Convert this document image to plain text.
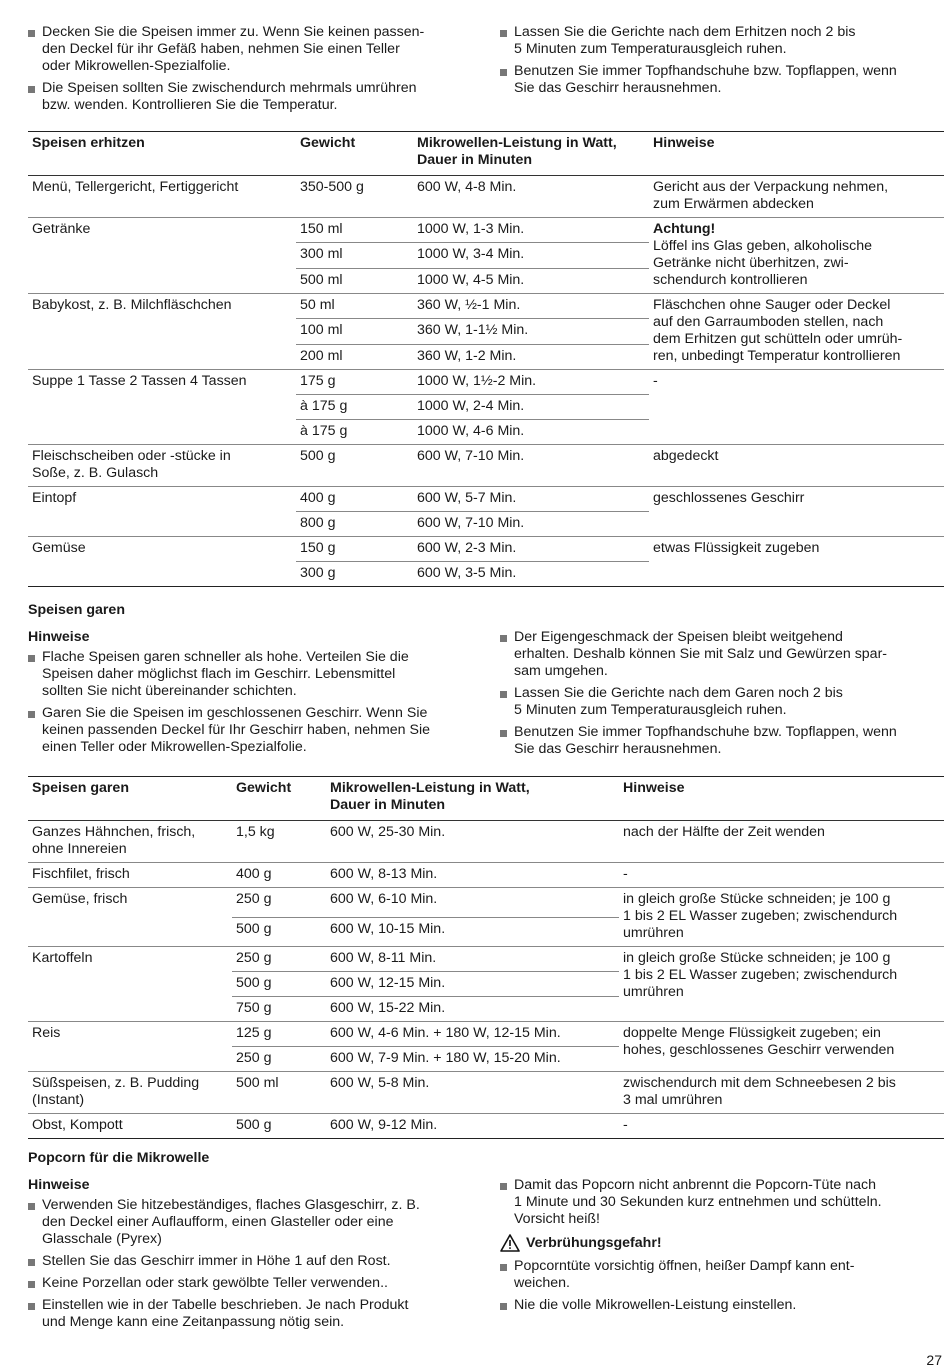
Decken Sie die Speisen immer zu. Wenn Sie keinen passen-
den Deckel für ihr Gefäß haben, nehmen Sie einen Teller
oder Mikrowellen-Spezialfolie.
Die Speisen sollten Sie zwischendurch mehrmals umrühren
bzw. wenden. Kontrollieren Sie die Temperatur.
Lassen Sie die Gerichte nach dem Erhitzen noch 2 bis
5 Minuten zum Temperaturausgleich ruhen.
Benutzen Sie immer Topfhandschuhe bzw. Topflappen, wenn
Sie das Geschirr herausnehmen.
Speisen erhitzen	Gewicht	Mikrowellen-Leistung in Watt,
Dauer in Minuten	Hinweise
Menü, Tellergericht, Fertiggericht	350-500 g	600 W, 4-8 Min.	Gericht aus der Verpackung nehmen,
zum Erwärmen abdecken

Getränke	150 ml	1000 W, 1-3 Min.	Achtung!
Löffel ins Glas geben, alkoholische
Getränke nicht überhitzen, zwi-
schendurch kontrollieren

	300 ml	1000 W, 3-4 Min.	
	500 ml	1000 W, 4-5 Min.	
Babykost, z. B. Milchfläschchen	50 ml	360 W, ½-1 Min.	Fläschchen ohne Sauger oder Deckel
auf den Garraumboden stellen, nach
dem Erhitzen gut schütteln oder umrüh-
ren, unbedingt Temperatur kontrollieren

	100 ml	360 W, 1-1½ Min.	
	200 ml	360 W, 1-2 Min.	
Suppe 1 Tasse 2 Tassen 4 Tassen	175 g	1000 W, 1½-2 Min.	-

	à 175 g	1000 W, 2-4 Min.	
	à 175 g	1000 W, 4-6 Min.	
Fleischscheiben oder -stücke in
Soße, z. B. Gulasch	500 g	600 W, 7-10 Min.	abgedeckt

Eintopf	400 g	600 W, 5-7 Min.	geschlossenes Geschirr

	800 g	600 W, 7-10 Min.	
Gemüse	150 g	600 W, 2-3 Min.	etwas Flüssigkeit zugeben

	300 g	600 W, 3-5 Min.	
Speisen garen
Hinweise
Flache Speisen garen schneller als hohe. Verteilen Sie die
Speisen daher möglichst flach im Geschirr. Lebensmittel
sollten Sie nicht übereinander schichten.
Garen Sie die Speisen im geschlossenen Geschirr. Wenn Sie
keinen passenden Deckel für Ihr Geschirr haben, nehmen Sie
einen Teller oder Mikrowellen-Spezialfolie.
Der Eigengeschmack der Speisen bleibt weitgehend
erhalten. Deshalb können Sie mit Salz und Gewürzen spar-
sam umgehen.
Lassen Sie die Gerichte nach dem Garen noch 2 bis
5 Minuten zum Temperaturausgleich ruhen.
Benutzen Sie immer Topfhandschuhe bzw. Topflappen, wenn
Sie das Geschirr herausnehmen.
Speisen garen	Gewicht	Mikrowellen-Leistung in Watt,
Dauer in Minuten	Hinweise
Ganzes Hähnchen, frisch,
ohne Innereien	1,5 kg	600 W, 25-30 Min.	nach der Hälfte der Zeit wenden

Fischfilet, frisch	400 g	600 W, 8-13 Min.	-

Gemüse, frisch	250 g	600 W, 6-10 Min.	in gleich große Stücke schneiden; je 100 g
1 bis 2 EL Wasser zugeben; zwischendurch
umrühren

	500 g	600 W, 10-15 Min.	
Kartoffeln	250 g	600 W, 8-11 Min.	in gleich große Stücke schneiden; je 100 g
1 bis 2 EL Wasser zugeben; zwischendurch
umrühren

	500 g	600 W, 12-15 Min.	
	750 g	600 W, 15-22 Min.	
Reis	125 g	600 W, 4-6 Min. + 180 W, 12-15 Min.	doppelte Menge Flüssigkeit zugeben; ein
hohes, geschlossenes Geschirr verwenden

	250 g	600 W, 7-9 Min. + 180 W, 15-20 Min.	
Süßspeisen, z. B. Pudding
(Instant)	500 ml	600 W, 5-8 Min.	zwischendurch mit dem Schneebesen 2 bis
3 mal umrühren

Obst, Kompott	500 g	600 W, 9-12 Min.	-
Popcorn für die Mikrowelle
Hinweise
Verwenden Sie hitzebeständiges, flaches Glasgeschirr, z. B.
den Deckel einer Auflaufform, einen Glasteller oder eine
Glasschale (Pyrex)
Stellen Sie das Geschirr immer in Höhe 1 auf den Rost.
Keine Porzellan oder stark gewölbte Teller verwenden..
Einstellen wie in der Tabelle beschrieben. Je nach Produkt
und Menge kann eine Zeitanpassung nötig sein.
Damit das Popcorn nicht anbrennt die Popcorn-Tüte nach
1 Minute und 30 Sekunden kurz entnehmen und schütteln.
Vorsicht heiß!
Verbrühungsgefahr!
Popcorntüte vorsichtig öffnen, heißer Dampf kann ent-
weichen.
Nie die volle Mikrowellen-Leistung einstellen.
27
